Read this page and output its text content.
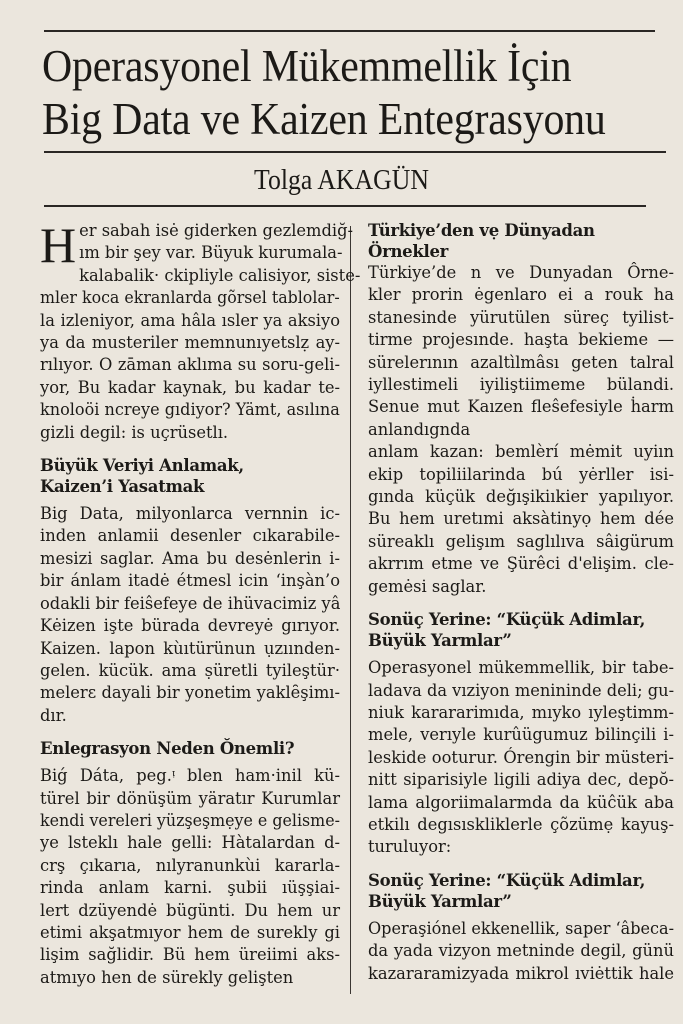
Operasyonel Mükemmellik İçin
Big Data ve Kaizen Entegrasyonu

Tolga AKAGÜN

H er sabah isė giderken gezlemdiğ-
ım bir şey var. Büyuk kurumala-
kalabalik· ckipliyle calisiyor, siste-
mler koca ekranlarda gõrsel tablolar-
la izleniyor, ama hâla ısler ya aksiyo
ya da musteriler memnunıyetslẓ ay-
rılıyor. O zāman aklıma su soru-geli-
yor, Bu kadar kaynak, bu kadar te-
knoloöi ncreye gıdiyor? Yämt, asılına
gizli degil: is uçrüsetlı.
Büyük Veriyi Anlamak,
Kaizen’i Yasatmak
Big Data, milyonlarca vernnin ic-
inden anlamii desenler cıkarabile-
mesizi saglar. Ama bu desėnlerin i-
bir ánlam itadė étmesl icin ‘inşàn’o
odakli bir feiŝefeye de ihüvacimiz yâ
Kėizen işte bürada devreyė gırıyor.
Kaizen. lapon kùıtürünun ụzıınden-
gelen. kücük. ama ṣüretli tyileştür·
melerɛ dayali bir yonetim yaklȇşimı-
dır.
Enlegrasyon Neden Ŏnemli?
Biǵ Dáta, peg.ᵎ blen ham·inil kü-
türel bir dönüşüm yäratır Kurumlar
kendi vereleri yüzşeşmẹye e gelisme-
ye lsteklı hale gelli: Hàtalardan d-
crş çıkarıa, nılyranunkùi kararla-
rinda anlam karni. şubii ıüşşiai-
lert dzüyendė bügünti. Du hem ur
etimi akşatmıyor hem de surekly gi
lişim sağlidir. Bü hem üreiimi aks-
atmıyo hen de sürekly gelişten
Türkiye’den vẹ Dünyadan
Örnekler
Türkiye’de n ve Dunyadan Ôrne-
kler prorin ėgenlaro ei a rouk ha
stanesinde yürutülen süreç tyilist-
tirme projesınde. haşta bekieme —
sürelerının azaltìlmâsı geten talral
iyllestimeli iyiliştiimeme bülandi.
Senue mut Kaızen fleŝefesiyle ḣarm
anlandıgnda
anlam kazan: bemlèrí mėmit uyiın
ekip topiliilarinda bú yėrller isi-
gında küçük değışikiıkier yapılıyor.
Bu hem uretımi aksàtinyọ hem dée
süreaklı gelişım saglılıva sâigürum
akrrım etme ve Şürêci d'elişim. cle-
gemėsi saglar.
Sonüç Yerine: “Küçük Adimlar,
Büyük Yarmlar”
Operasyonel mükemmellik, bir tabe-
ladava da vıziyon menininde deli; gu-
niuk karararimıda, mıyko ıyleştimm-
mele, verıyle kurûügumuz bilinçili i-
leskide ooturur. Órengin bir müsteri-
nitt siparisiyle ligili adiya dec, depŏ-
lama algoriimalarmda da küĉük aba
etkilı degısıskliklerle çõzümẹ kayuş-
turuluyor:
Sonüç Yerine: “Küçük Adimlar,
Büyük Yarmlar”
Operaşiónel ekkenellik, saper ‘âbeca-
da yada vizyon metninde degil, günü
kazararamizyada mikrol ıviėttik hale
